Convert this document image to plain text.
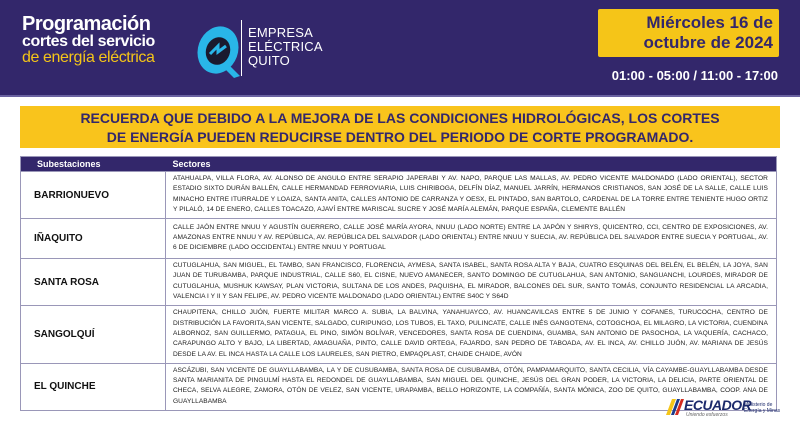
Programación
cortes del servicio
de energía eléctrica
EMPRESA
ELÉCTRICA
QUITO
Miércoles 16 de
octubre de 2024
01:00 - 05:00 / 11:00 - 17:00
RECUERDA QUE DEBIDO A LA MEJORA DE LAS CONDICIONES HIDROLÓGICAS, LOS CORTES
DE ENERGÍA PUEDEN REDUCIRSE DENTRO DEL PERIODO DE CORTE PROGRAMADO.
Subestaciones	Sectores
BARRIONUEVO	ATAHUALPA, VILLA FLORA, AV. ALONSO DE ANGULO ENTRE SERAPIO JAPERABI Y AV. NAPO, PARQUE LAS MALLAS, AV. PEDRO VICENTE MALDONADO (LADO ORIENTAL), SECTOR ESTADIO SIXTO DURÁN BALLÉN, CALLE HERMANDAD FERROVIARIA, LUIS CHIRIBOGA, DELFÍN DÍAZ, MANUEL JARRÍN, HERMANOS CRISTIANOS, SAN JOSÉ DE LA SALLE, CALLE LUIS MINACHO ENTRE ITURRALDE Y LOAIZA, SANTA ANITA, CALLES ANTONIO DE CARRANZA Y OESX, EL PINTADO, SAN BARTOLO, CARDENAL DE LA TORRE ENTRE TENIENTE HUGO ORTIZ Y PILALÓ, 14 DE ENERO, CALLES TOACAZO, AJAVÍ ENTRE MARISCAL SUCRE Y JOSÉ MARÍA ALEMÁN, PARQUE ESPAÑA, CLEMENTE BALLÉN
IÑAQUITO	CALLE JAÓN ENTRE NNUU Y AGUSTÍN GUERRERO, CALLE JOSÉ MARÍA AYORA, NNUU (LADO NORTE) ENTRE LA JAPÓN Y SHIRYS, QUICENTRO, CCI, CENTRO DE EXPOSICIONES, AV. AMAZONAS ENTRE NNUU Y AV. REPÚBLICA, AV. REPÚBLICA DEL SALVADOR (LADO ORIENTAL) ENTRE NNUU Y SUECIA, AV. REPÚBLICA DEL SALVADOR ENTRE SUECIA Y PORTUGAL, AV. 6 DE DICIEMBRE (LADO OCCIDENTAL) ENTRE NNUU Y PORTUGAL
SANTA ROSA	CUTUGLAHUA, SAN MIGUEL, EL TAMBO, SAN FRANCISCO, FLORENCIA, AYMESA, SANTA ISABEL, SANTA ROSA ALTA Y BAJA, CUATRO ESQUINAS DEL BELÉN, EL BELÉN, LA JOYA, SAN JUAN DE TURUBAMBA, PARQUE INDUSTRIAL, CALLE S60, EL CISNE, NUEVO AMANECER, SANTO DOMINGO DE CUTUGLAHUA, SAN ANTONIO, SANGUANCHI, LOURDES, MIRADOR DE CUTUGLAHUA, MUSHUK KAWSAY, PLAN VICTORIA, SULTANA DE LOS ANDES, PAQUISHA, EL MIRADOR, BALCONES DEL SUR, SANTO TOMÁS, CONJUNTO RESIDENCIAL LA ARCADIA, VALENCIA I Y II Y SAN FELIPE, AV. PEDRO VICENTE MALDONADO (LADO ORIENTAL) ENTRE S40C Y S64D
SANGOLQUÍ	CHAUPITENA, CHILLO JUÓN, FUERTE MILITAR MARCO A. SUBIA, LA BALVINA, YANAHUAYCO, AV. HUANCAVILCAS ENTRE 5 DE JUNIO Y COFANES, TURUCOCHA, CENTRO DE DISTRIBUCIÓN LA FAVORITA,SAN VICENTE, SALGADO, CURIPUNGO, LOS TUBOS, EL TAXO, PULINCATE, CALLE INÉS GANGOTENA, COTOGCHOA, EL MILAGRO, LA VICTORIA, CUENDINA ALBORNOZ, SAN GUILLERMO, PATAGUA, EL PINO, SIMÓN BOLÍVAR, VENCEDORES, SANTA ROSA DE CUENDINA, GUAMBA, SAN ANTONIO DE PASOCHOA, LA VAQUERÍA, CACHACO, CARAPUNGO ALTO Y BAJO, LA LIBERTAD, AMAGUAÑA, PINTO, CALLE DAVID ORTEGA, FAJARDO, SAN PEDRO DE TABOADA, AV. EL INCA, AV. CHILLO JUÓN, AV. MARIANA DE JESÚS DESDE LA AV. EL INCA HASTA LA CALLE LOS LAURELES, SAN PIETRO, EMPAQPLAST, CHAIDE CHAIDE, AVÓN
EL QUINCHE	ASCÁZUBI, SAN VICENTE DE GUAYLLABAMBA, LA Y DE CUSUBAMBA, SANTA ROSA DE CUSUBAMBA, OTÓN, PAMPAMARQUITO, SANTA CECILIA, VÍA CAYAMBE-GUAYLLABAMBA DESDE SANTA MARIANITA DE PINGULMÍ HASTA EL REDONDEL DE GUAYLLABAMBA, SAN MIGUEL DEL QUINCHE, JESÚS DEL GRAN PODER, LA VICTORIA, LA DELICIA, PARTE ORIENTAL DE CHECA, SELVA ALEGRE, ZAMORA, OTÓN DE VELEZ, SAN VICENTE, URAPAMBA, BELLO HORIZONTE, LA COMPAÑÍA, SANTA MÓNICA, ZOO DE QUITO, GUAYLLABAMBA, COOP. ANA DE GUAYLLABAMBA	ECUADOR
Uniendo esfuerzos
Ministerio de
Energía y Minas
